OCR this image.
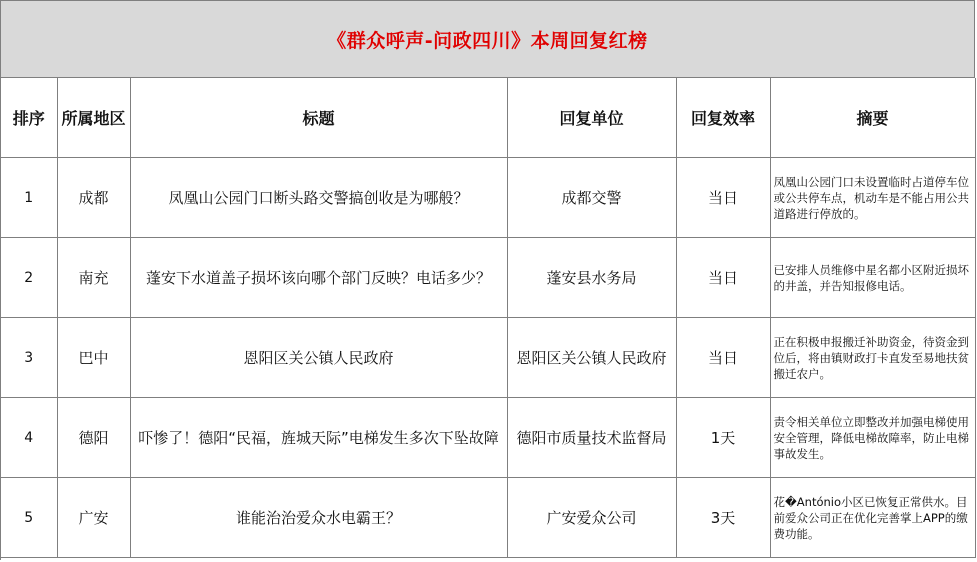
《群众呼声-问政四川》本周回复红榜
排序	所属地区	标题	回复单位	回复效率	摘要
1	成都	凤凰山公园门口断头路交警搞创收是为哪般？	成都交警	当日	凤凰山公园门口未设置临时占道停车位或公共停车点，机动车是不能占用公共道路进行停放的。
2	南充	蓬安下水道盖子损坏该向哪个部门反映？电话多少？	蓬安县水务局	当日	已安排人员维修中星名都小区附近损坏的井盖，并告知报修电话。
3	巴中	恩阳区关公镇人民政府	恩阳区关公镇人民政府	当日	正在积极申报搬迁补助资金，待资金到位后，将由镇财政打卡直发至易地扶贫搬迁农户。
4	德阳	吓惨了！德阳“民福，旌城天际”电梯发生多次下坠故障	德阳市质量技术监督局	1天	责令相关单位立即整改并加强电梯使用安全管理，降低电梯故障率，防止电梯事故发生。
5	广安	谁能治治爱众水电霸王？	广安爱众公司	3天	花�António小区已恢复正常供水。目前爱众公司正在优化完善掌上APP的缴费功能。
